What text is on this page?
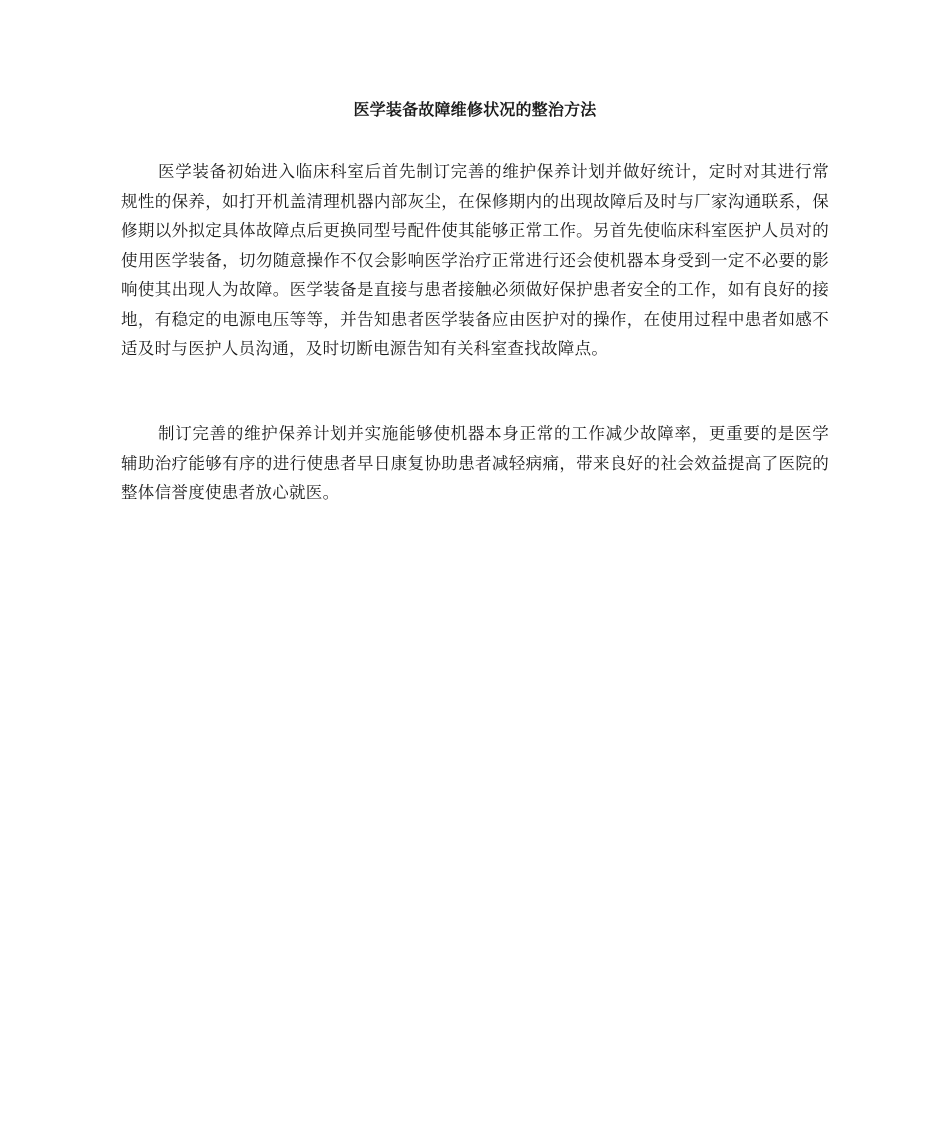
医学装备故障维修状况的整治方法

医学装备初始进入临床科室后首先制订完善的维护保养计划并做好统计，定时对其进行常规性的保养，如打开机盖清理机器内部灰尘，在保修期内的出现故障后及时与厂家沟通联系，保修期以外拟定具体故障点后更换同型号配件使其能够正常工作。另首先使临床科室医护人员对的使用医学装备，切勿随意操作不仅会影响医学治疗正常进行还会使机器本身受到一定不必要的影响使其出现人为故障。医学装备是直接与患者接触必须做好保护患者安全的工作，如有良好的接地，有稳定的电源电压等等，并告知患者医学装备应由医护对的操作，在使用过程中患者如感不适及时与医护人员沟通，及时切断电源告知有关科室查找故障点。

制订完善的维护保养计划并实施能够使机器本身正常的工作减少故障率，更重要的是医学辅助治疗能够有序的进行使患者早日康复协助患者减轻病痛，带来良好的社会效益提高了医院的整体信誉度使患者放心就医。
